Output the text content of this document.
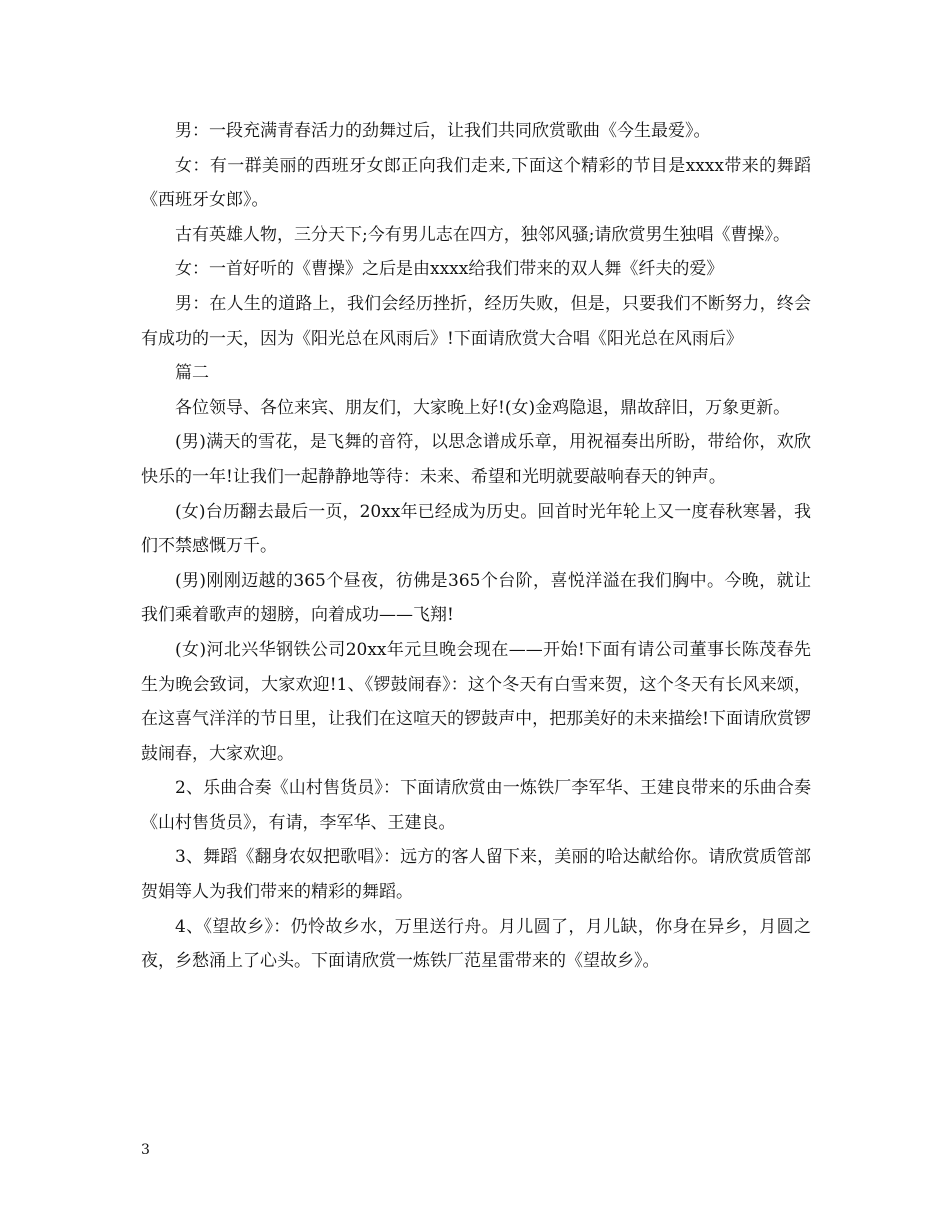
男：一段充满青春活力的劲舞过后，让我们共同欣赏歌曲《今生最爱》。

女：有一群美丽的西班牙女郎正向我们走来,下面这个精彩的节目是xxxx带来的舞蹈《西班牙女郎》。

古有英雄人物，三分天下;今有男儿志在四方，独邻风骚;请欣赏男生独唱《曹操》。

女：一首好听的《曹操》之后是由xxxx给我们带来的双人舞《纤夫的爱》

男：在人生的道路上，我们会经历挫折，经历失败，但是，只要我们不断努力，终会有成功的一天，因为《阳光总在风雨后》!下面请欣赏大合唱《阳光总在风雨后》

篇二

各位领导、各位来宾、朋友们，大家晚上好!(女)金鸡隐退，鼎故辞旧，万象更新。

(男)满天的雪花，是飞舞的音符，以思念谱成乐章，用祝福奏出所盼，带给你，欢欣快乐的一年!让我们一起静静地等待：未来、希望和光明就要敲响春天的钟声。

(女)台历翻去最后一页，20xx年已经成为历史。回首时光年轮上又一度春秋寒暑，我们不禁感慨万千。

(男)刚刚迈越的365个昼夜，彷佛是365个台阶，喜悦洋溢在我们胸中。今晚，就让我们乘着歌声的翅膀，向着成功——飞翔!

(女)河北兴华钢铁公司20xx年元旦晚会现在——开始!下面有请公司董事长陈茂春先生为晚会致词，大家欢迎!1、《锣鼓闹春》：这个冬天有白雪来贺，这个冬天有长风来颂，在这喜气洋洋的节日里，让我们在这喧天的锣鼓声中，把那美好的未来描绘!下面请欣赏锣鼓闹春，大家欢迎。

2、乐曲合奏《山村售货员》：下面请欣赏由一炼铁厂李军华、王建良带来的乐曲合奏《山村售货员》，有请，李军华、王建良。

3、舞蹈《翻身农奴把歌唱》：远方的客人留下来，美丽的哈达献给你。请欣赏质管部贺娟等人为我们带来的精彩的舞蹈。

4、《望故乡》：仍怜故乡水，万里送行舟。月儿圆了，月儿缺，你身在异乡，月圆之夜，乡愁涌上了心头。下面请欣赏一炼铁厂范星雷带来的《望故乡》。

3
